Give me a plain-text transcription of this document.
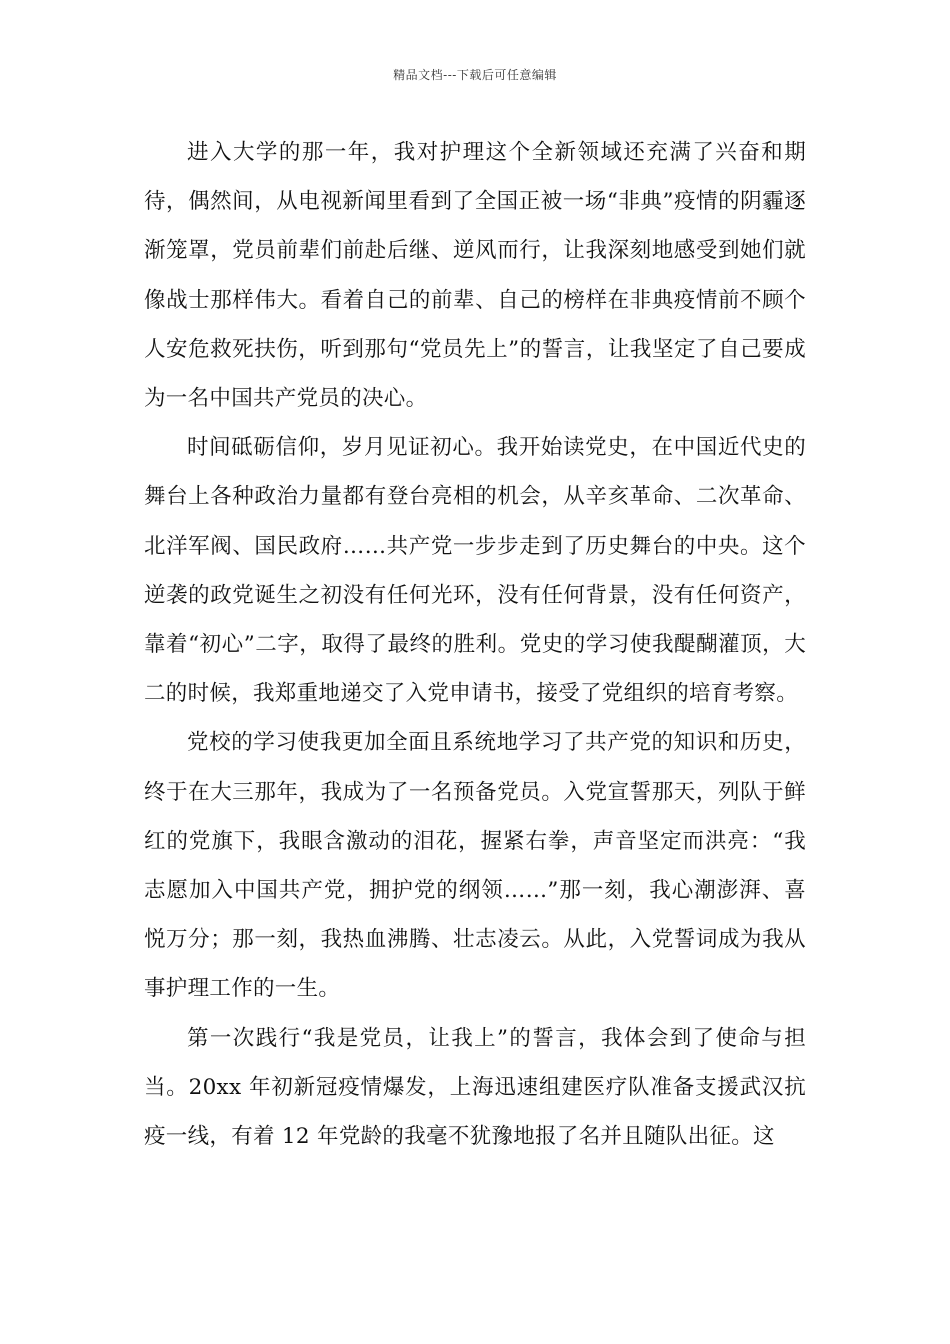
精品文档---下载后可任意编辑

进入大学的那一年，我对护理这个全新领域还充满了兴奋和期待，偶然间，从电视新闻里看到了全国正被一场“非典”疫情的阴霾逐渐笼罩，党员前辈们前赴后继、逆风而行，让我深刻地感受到她们就像战士那样伟大。看着自己的前辈、自己的榜样在非典疫情前不顾个人安危救死扶伤，听到那句“党员先上”的誓言，让我坚定了自己要成为一名中国共产党员的决心。

时间砥砺信仰，岁月见证初心。我开始读党史，在中国近代史的舞台上各种政治力量都有登台亮相的机会，从辛亥革命、二次革命、北洋军阀、国民政府……共产党一步步走到了历史舞台的中央。这个逆袭的政党诞生之初没有任何光环，没有任何背景，没有任何资产，靠着“初心”二字，取得了最终的胜利。党史的学习使我醍醐灌顶，大二的时候，我郑重地递交了入党申请书，接受了党组织的培育考察。

党校的学习使我更加全面且系统地学习了共产党的知识和历史，终于在大三那年，我成为了一名预备党员。入党宣誓那天，列队于鲜红的党旗下，我眼含激动的泪花，握紧右拳，声音坚定而洪亮：“我志愿加入中国共产党，拥护党的纲领……”那一刻，我心潮澎湃、喜悦万分；那一刻，我热血沸腾、壮志凌云。从此，入党誓词成为我从事护理工作的一生。

第一次践行“我是党员，让我上”的誓言，我体会到了使命与担当。20xx 年初新冠疫情爆发，上海迅速组建医疗队准备支援武汉抗疫一线，有着 12 年党龄的我毫不犹豫地报了名并且随队出征。这
